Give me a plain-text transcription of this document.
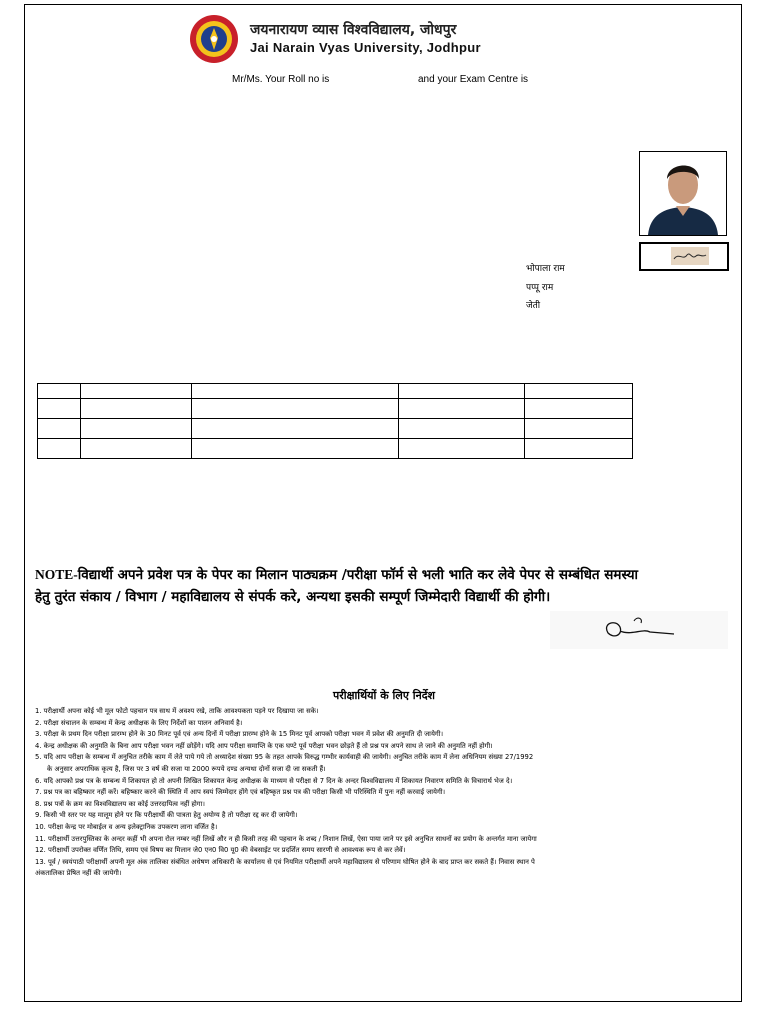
जयनारायण व्यास विश्वविद्यालय, जोधपुर
Jai Narain Vyas University, Jodhpur
Mr/Ms. Your Roll no is	and your Exam Centre is
भोपाला राम
पप्पू राम
जेती

NOTE-विद्यार्थी अपने प्रवेश पत्र के पेपर का मिलान पाठ्यक्रम /परीक्षा फॉर्म से भली भाति कर लेवे पेपर से सम्बंधित समस्या हेतु तुरंत संकाय / विभाग / महाविद्यालय से संपर्क करे, अन्यथा इसकी सम्पूर्ण जिम्मेदारी विद्यार्थी की होगी।
परीक्षार्थियों के लिए निर्देश
1. परीक्षार्थी अपना कोई भी मूल फोटो पहचान पत्र साथ में अवश्य रखे, ताकि आवश्यकता पड़ने पर दिखाया जा सके।
2. परीक्षा संचालन के सम्बन्ध में केन्द्र अधीक्षक के लिए निर्देशों का पालन अनिवार्य है।
3. परीक्षा के प्रथम दिन परीक्षा प्रारम्भ होने के 30 मिनट पूर्व एवं अन्य दिनों में परीक्षा प्रारम्भ होने के 15 मिनट पूर्व आपको परीक्षा भवन में प्रवेश की अनुमति दी जायेगी।
4. केन्द्र अधीक्षक की अनुमति के बिना आप परीक्षा भवन नहीं छोड़ेंगे। यदि आप परीक्षा समाप्ति के एक घण्टे पूर्व परीक्षा भवन छोड़ते हैं तो प्रश्न पत्र अपने साथ ले जाने की अनुमति नहीं होगी।
5. यदि आप परीक्षा के सम्बन्ध में अनुचित तरीके काम में लेते पाये गये तो अध्यादेश संख्या 95 के तहत आपके विरुद्ध गम्भीर कार्यवाही की जायेगी। अनुचित तरीके काम में लेना अधिनियम संख्या 27/1992
के अनुसार अपराधिक कृत्य है, जिस पर 3 वर्ष की सजा या 2000 रूपये दण्ड अन्यथा दोनों सजा दी जा सकती हैं।
6. यदि आपको प्रश्न पत्र के सम्बन्ध में शिकायत हो तो अपनी लिखित शिकायत केन्द्र अधीक्षक के माध्यम से परीक्षा से 7 दिन के अन्दर विश्वविद्यालय में शिकायत निवारण समिति के विचारार्थ भेज दे।
7. प्रश्न पत्र का बहिष्कार नहीं करें। बहिष्कार करने की स्थिति में आप स्वयं जिम्मेदार होंगे एवं बहिष्कृत प्रश्न पत्र की परीक्षा किसी भी परिस्थिति में पुनः नहीं करवाई जायेगी।
8. प्रश्न पत्रों के क्रम का विश्वविद्यालय का कोई उत्तरदायित्व नहीं होगा।
9. किसी भी स्तर पर यह मालूम होने पर कि परीक्षार्थी की पात्रता हेतु अयोग्य है तो परीक्षा रद्द कर दी जायेगी।
10. परीक्षा केन्द्र पर मोबाईल व अन्य इलेक्ट्रानिक उपकरण लाना वर्जित है।
11. परीक्षार्थी उत्तरपुस्तिका के अन्दर कहीं भी अपना रोल नम्बर नहीं लिखें और न ही किसी तरह की पहचान के शब्द / निशान लिखें, ऐसा पाया जाने पर इसे अनुचित साधनों का प्रयोग के अन्तर्गत माना जायेगा
12. परीक्षार्थी उपरोक्त वर्णित तिथि, समय एवं विषय का मिलान जे0 एन0 वि0 यू0 की वेबसाईट पर प्रदर्शित समय सारणी से आवश्यक रूप से कर लेवें।
13. पूर्व / स्वयंपाठी परीक्षार्थी अपनी मूल अंक तालिका संबंधित अधेषण अधिकारी के कार्यालय से एवं नियमित परीक्षार्थी अपने महाविद्यालय से परिणाम घोषित होने के बाद प्राप्त कर सकते हैं। निवास स्थान पे
अंकतालिका प्रेषित नहीं की जायेगी।
